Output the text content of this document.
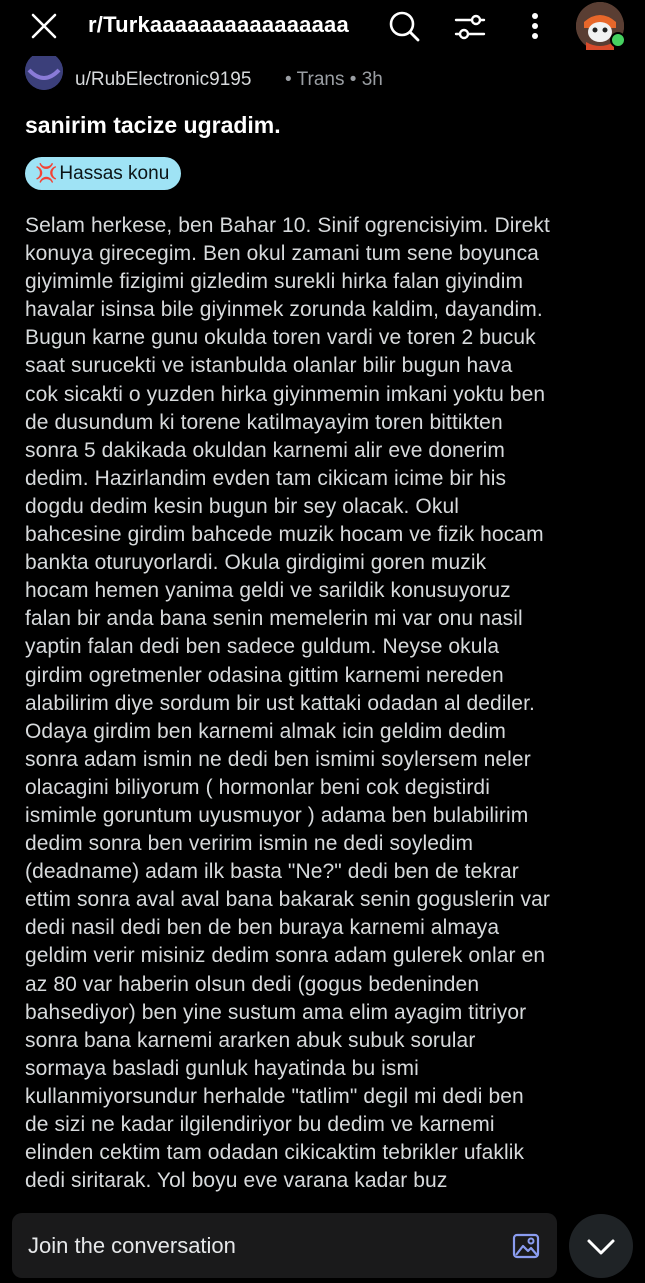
r/Turkaaaaaaaaaaaaaaaa
u/RubElectronic9195 • Trans • 3h
sanirim tacize ugradim.
💢 Hassas konu
Selam herkese, ben Bahar 10. Sinif ogrencisiyim. Direkt
konuya girecegim. Ben okul zamani tum sene boyunca
giyimimle fizigimi gizledim surekli hirka falan giyindim
havalar isinsa bile giyinmek zorunda kaldim, dayandim.
Bugun karne gunu okulda toren vardi ve toren 2 bucuk
saat surucekti ve istanbulda olanlar bilir bugun hava
cok sicakti o yuzden hirka giyinmemin imkani yoktu ben
de dusundum ki torene katilmayayim toren bittikten
sonra 5 dakikada okuldan karnemi alir eve donerim
dedim. Hazirlandim evden tam cikicam icime bir his
dogdu dedim kesin bugun bir sey olacak. Okul
bahcesine girdim bahcede muzik hocam ve fizik hocam
bankta oturuyorlardi. Okula girdigimi goren muzik
hocam hemen yanima geldi ve sarildik konusuyoruz
falan bir anda bana senin memelerin mi var onu nasil
yaptin falan dedi ben sadece guldum. Neyse okula
girdim ogretmenler odasina gittim karnemi nereden
alabilirim diye sordum bir ust kattaki odadan al dediler.
Odaya girdim ben karnemi almak icin geldim dedim
sonra adam ismin ne dedi ben ismimi soylersem neler
olacagini biliyorum ( hormonlar beni cok degistirdi
ismimle goruntum uyusmuyor ) adama ben bulabilirim
dedim sonra ben veririm ismin ne dedi soyledim
(deadname) adam ilk basta "Ne?" dedi ben de tekrar
ettim sonra aval aval bana bakarak senin goguslerin var
dedi nasil dedi ben de ben buraya karnemi almaya
geldim verir misiniz dedim sonra adam gulerek onlar en
az 80 var haberin olsun dedi (gogus bedeninden
bahsediyor) ben yine sustum ama elim ayagim titriyor
sonra bana karnemi ararken abuk subuk sorular
sormaya basladi gunluk hayatinda bu ismi
kullanmiyorsundur herhalde "tatlim" degil mi dedi ben
de sizi ne kadar ilgilendiriyor bu dedim ve karnemi
elinden cektim tam odadan cikicaktim tebrikler ufaklik
dedi siritarak. Yol boyu eve varana kadar buz
Join the conversation
